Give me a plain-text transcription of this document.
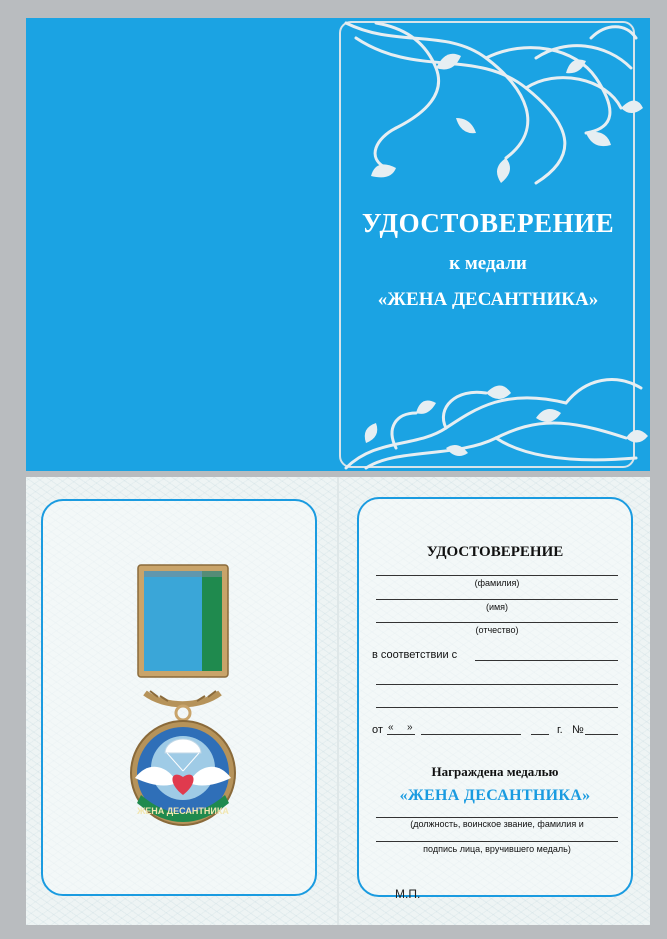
УДОСТОВЕРЕНИЕ
к медали
«ЖЕНА ДЕСАНТНИКА»
ЖЕНА ДЕСАНТНИКА
УДОСТОВЕРЕНИЕ
(фамилия)
(имя)
(отчество)
в соответствии с
от « »	г. №
Награждена медалью
«ЖЕНА ДЕСАНТНИКА»
(должность, воинское звание, фамилия и
подпись лица, вручившего медаль)
М.П.
